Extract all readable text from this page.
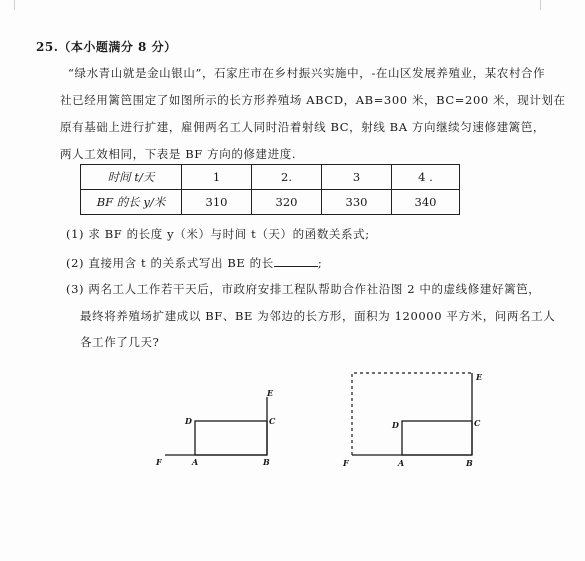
25.（本小题满分 8 分）
“绿水青山就是金山银山”，石家庄市在乡村振兴实施中，-在山区发展养殖业，某农村合作
社已经用篱笆围定了如图所示的长方形养殖场 ABCD，AB=300 米，BC=200 米，现计划在
原有基础上进行扩建，雇佣两名工人同时沿着射线 BC，射线 BA 方向继续匀速修建篱笆，
两人工效相同，下表是 BF 方向的修建进度.
时间 t/天	1	2.	3	4 .
BF 的长 y/米	310	320	330	340
(1) 求 BF 的长度 y（米）与时间 t（天）的函数关系式;
(2) 直接用含 t 的关系式写出 BE 的长	;
(3) 两名工人工作若干天后，市政府安排工程队帮助合作社沿图 2 中的虚线修建好篱笆，
最终将养殖场扩建成以 BF、BE 为邻边的长方形，面积为 120000 平方米，问两名工人
各工作了几天?
E
D	C
F	A	B
E
D	C
F	A	B
